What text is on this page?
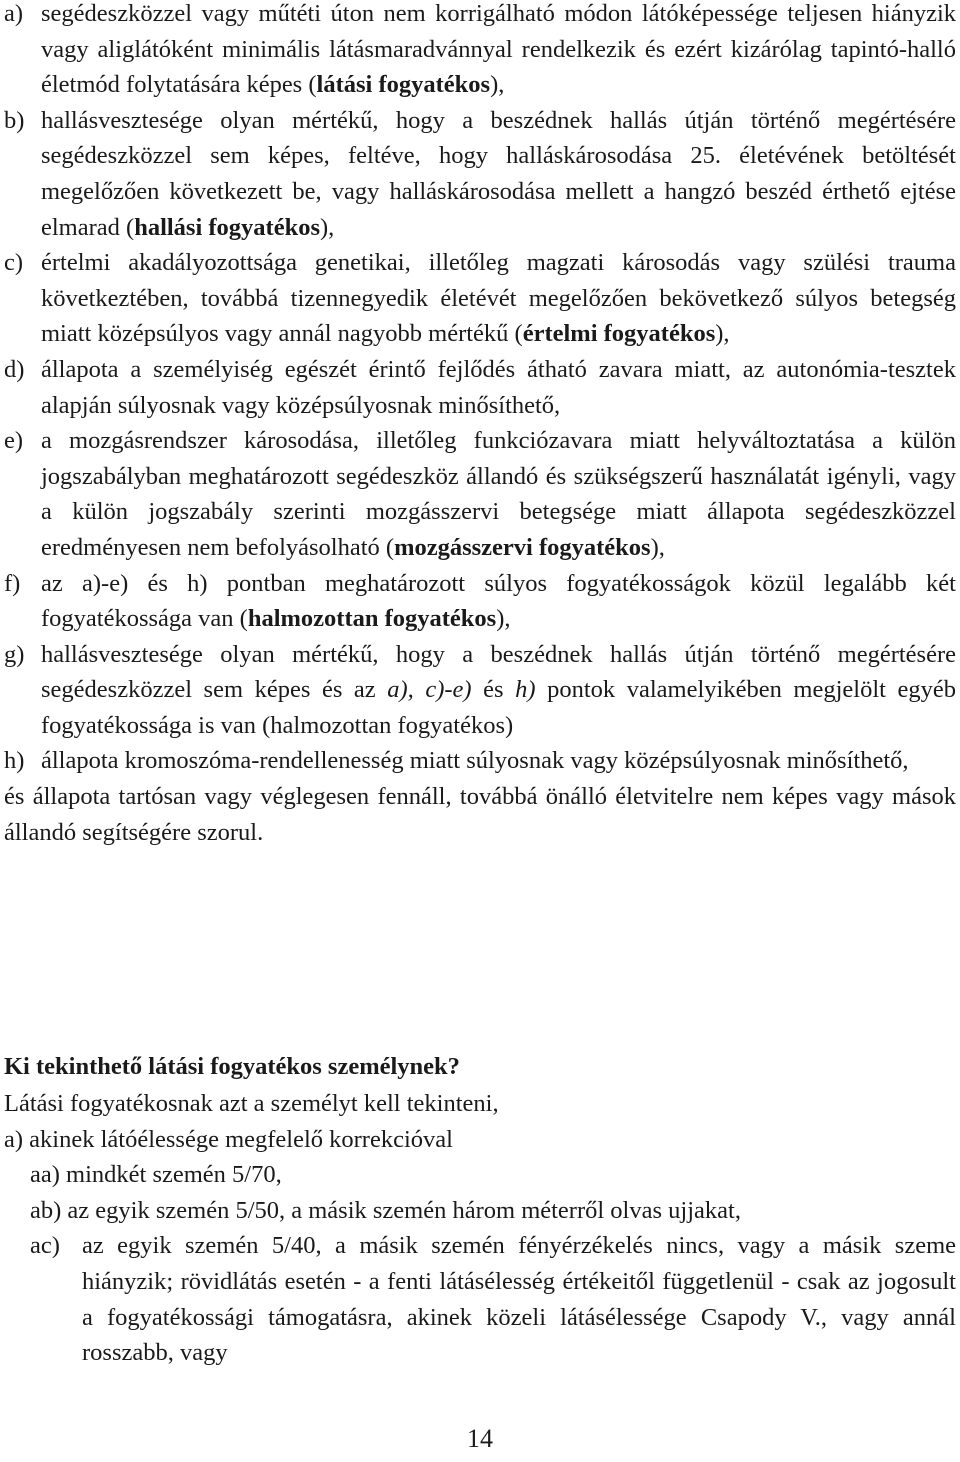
a) segédeszközzel vagy műtéti úton nem korrigálható módon látóképessége teljesen hiányzik vagy aliglátóként minimális látásmaradvánnyal rendelkezik és ezért kizárólag tapintó-halló életmód folytatására képes (látási fogyatékos),

b) hallásvesztesége olyan mértékű, hogy a beszédnek hallás útján történő megértésére segédeszközzel sem képes, feltéve, hogy halláskárosodása 25. életévének betöltését megelőzően következett be, vagy halláskárosodása mellett a hangzó beszéd érthető ejtése elmarad (hallási fogyatékos),

c) értelmi akadályozottsága genetikai, illetőleg magzati károsodás vagy szülési trauma következtében, továbbá tizennegyedik életévét megelőzően bekövetkező súlyos betegség miatt középsúlyos vagy annál nagyobb mértékű (értelmi fogyatékos),

d) állapota a személyiség egészét érintő fejlődés átható zavara miatt, az autonómia-tesztek alapján súlyosnak vagy középsúlyosnak minősíthető,

e) a mozgásrendszer károsodása, illetőleg funkciózavara miatt helyváltoztatása a külön jogszabályban meghatározott segédeszköz állandó és szükségszerű használatát igényli, vagy a külön jogszabály szerinti mozgásszervi betegsége miatt állapota segédeszközzel eredményesen nem befolyásolható (mozgásszervi fogyatékos),

f) az a)-e) és h) pontban meghatározott súlyos fogyatékosságok közül legalább két fogyatékossága van (halmozottan fogyatékos),

g) hallásvesztesége olyan mértékű, hogy a beszédnek hallás útján történő megértésére segédeszközzel sem képes és az a), c)-e) és h) pontok valamelyikében megjelölt egyéb fogyatékossága is van (halmozottan fogyatékos)

h) állapota kromoszóma-rendellenesség miatt súlyosnak vagy középsúlyosnak minősíthető,

és állapota tartósan vagy véglegesen fennáll, továbbá önálló életvitelre nem képes vagy mások állandó segítségére szorul.

Ki tekinthető látási fogyatékos személynek?

Látási fogyatékosnak azt a személyt kell tekinteni,

a) akinek látóélessége megfelelő korrekcióval

aa) mindkét szemén 5/70,

ab) az egyik szemén 5/50, a másik szemén három méterről olvas ujjakat,

ac) az egyik szemén 5/40, a másik szemén fényérzékelés nincs, vagy a másik szeme hiányzik; rövidlátás esetén - a fenti látásélesség értékeitől függetlenül - csak az jogosult a fogyatékossági támogatásra, akinek közeli látásélessége Csapody V., vagy annál rosszabb, vagy

14
